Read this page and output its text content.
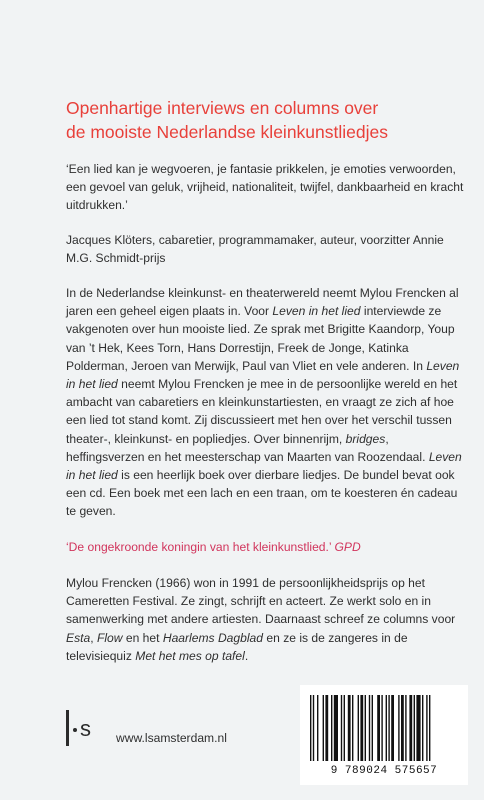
Openhartige interviews en columns over
de mooiste Nederlandse kleinkunstliedjes

‘Een lied kan je wegvoeren, je fantasie prikkelen, je emoties verwoorden, een gevoel van geluk, vrijheid, nationaliteit, twijfel, dankbaarheid en kracht uitdrukken.’

Jacques Klöters, cabaretier, programmamaker, auteur, voorzitter Annie M.G. Schmidt-prijs

In de Nederlandse kleinkunst- en theaterwereld neemt Mylou Frencken al jaren een geheel eigen plaats in. Voor Leven in het lied interviewde ze vakgenoten over hun mooiste lied. Ze sprak met Brigitte Kaandorp, Youp van ’t Hek, Kees Torn, Hans Dorrestijn, Freek de Jonge, Katinka Polderman, Jeroen van Merwijk, Paul van Vliet en vele anderen. In Leven in het lied neemt Mylou Frencken je mee in de persoonlijke wereld en het ambacht van cabaretiers en kleinkunstartiesten, en vraagt ze zich af hoe een lied tot stand komt. Zij discussieert met hen over het verschil tussen theater-, kleinkunst- en popliedjes. Over binnenrijm, bridges, heffingsverzen en het meesterschap van Maarten van Roozendaal. Leven in het lied is een heerlijk boek over dierbare liedjes. De bundel bevat ook een cd. Een boek met een lach en een traan, om te koesteren én cadeau te geven.

‘De ongekroonde koningin van het kleinkunstlied.’ GPD

Mylou Frencken (1966) won in 1991 de persoonlijkheidsprijs op het Cameretten Festival. Ze zingt, schrijft en acteert. Ze werkt solo en in samenwerking met andere artiesten. Daarnaast schreef ze columns voor Esta, Flow en het Haarlems Dagblad en ze is de zangeres in de televisiequiz Met het mes op tafel.

s www.lsamsterdam.nl
9 789024 575657
